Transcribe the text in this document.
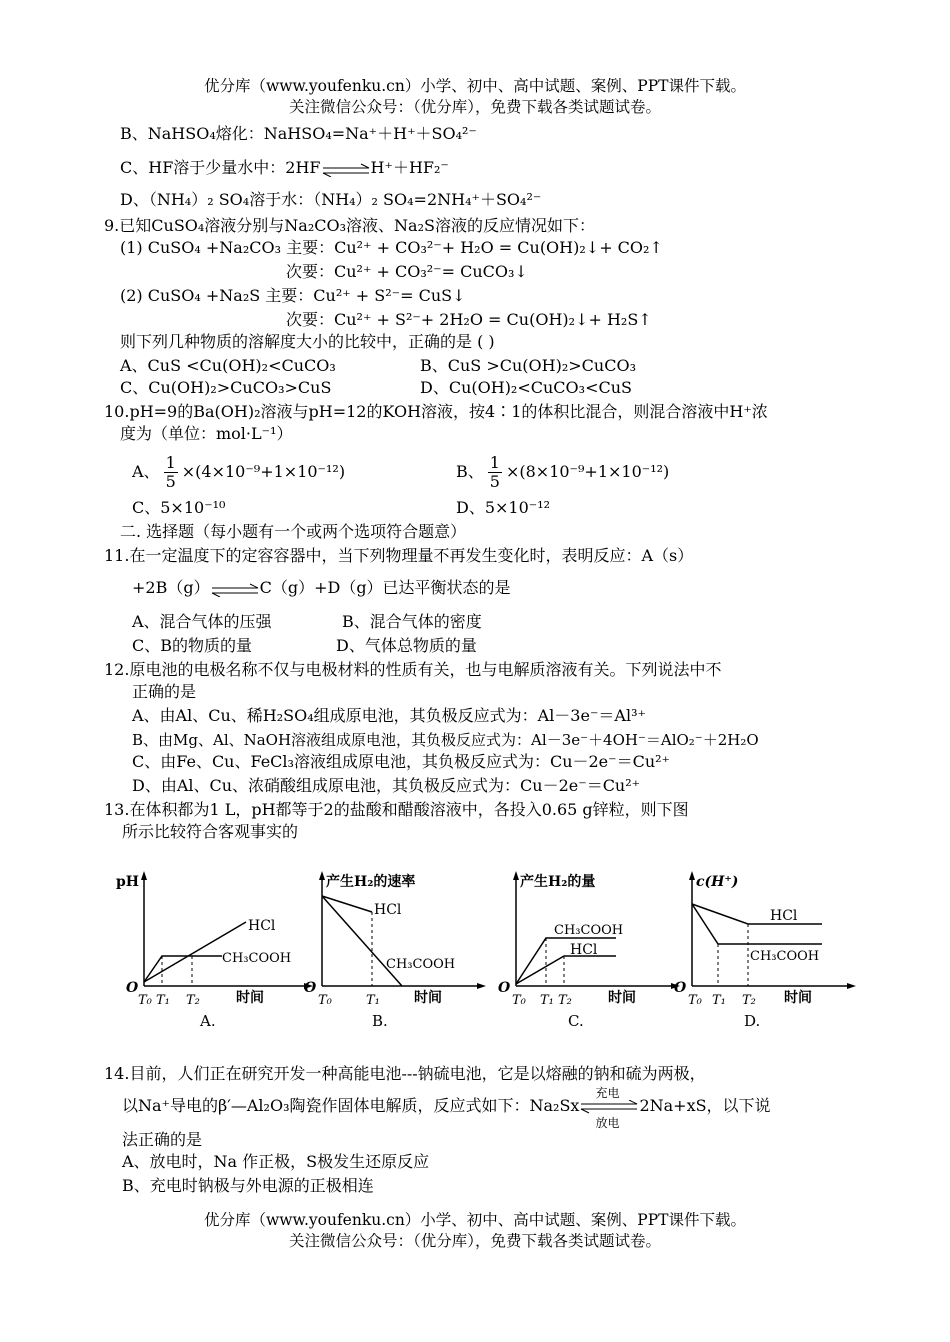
优分库（www.youfenku.cn）小学、初中、高中试题、案例、PPT课件下载。
关注微信公众号：（优分库），免费下载各类试题试卷。
B、NaHSO₄熔化：NaHSO₄=Na⁺＋H⁺＋SO₄²⁻
C、HF溶于少量水中：2HF⇌H⁺＋HF₂⁻
D、（NH₄）₂ SO₄溶于水：（NH₄）₂ SO₄=2NH₄⁺＋SO₄²⁻
9.已知CuSO₄溶液分别与Na₂CO₃溶液、Na₂S溶液的反应情况如下：
(1) CuSO₄ +Na₂CO₃ 主要：Cu²⁺ + CO₃²⁻+ H₂O = Cu(OH)₂↓+ CO₂↑
次要：Cu²⁺ + CO₃²⁻= CuCO₃↓
(2) CuSO₄ +Na₂S 主要：Cu²⁺ + S²⁻= CuS↓
次要：Cu²⁺ + S²⁻+ 2H₂O = Cu(OH)₂↓+ H₂S↑
则下列几种物质的溶解度大小的比较中，正确的是 ( )
A、CuS <Cu(OH)₂<CuCO₃	B、CuS >Cu(OH)₂>CuCO₃
C、Cu(OH)₂>CuCO₃>CuS	D、Cu(OH)₂<CuCO₃<CuS
10.pH=9的Ba(OH)₂溶液与pH=12的KOH溶液，按4∶1的体积比混合，则混合溶液中H⁺浓
度为（单位：mol·L⁻¹）
A、 $\frac{1}{5} \times(4\times 10^{-9}+1\times 10^{-12})$	B、 $\frac{1}{5} \times(8\times 10^{-9}+1\times 10^{-12})$
C、5×10⁻¹⁰	D、5×10⁻¹²
二. 选择题（每小题有一个或两个选项符合题意）
11.在一定温度下的定容容器中，当下列物理量不再发生变化时，表明反应：A（s）
+2B（g）⇌C（g）+D（g）已达平衡状态的是
A、混合气体的压强	B、混合气体的密度
C、B的物质的量	D、气体总物质的量
12.原电池的电极名称不仅与电极材料的性质有关，也与电解质溶液有关。下列说法中不
正确的是
A、由Al、Cu、稀H₂SO₄组成原电池，其负极反应式为：Al－3e⁻＝Al³⁺
B、由Mg、Al、NaOH溶液组成原电池，其负极反应式为：Al－3e⁻＋4OH⁻＝AlO₂⁻＋2H₂O
C、由Fe、Cu、FeCl₃溶液组成原电池，其负极反应式为：Cu－2e⁻＝Cu²⁺
D、由Al、Cu、浓硝酸组成原电池，其负极反应式为：Cu－2e⁻＝Cu²⁺
13.在体积都为1 L，pH都等于2的盐酸和醋酸溶液中，各投入0.65 g锌粒，则下图
所示比较符合客观事实的
pH
O
T₀ T₁ T₂	时间
HCl
CH₃COOH
A.
产生H₂的速率
O
T₀	T₁ 时间
HCl
CH₃COOH
B.
产生H₂的量
O
T₀ T₁ T₂	时间
CH₃COOH
HCl
C.
c(H⁺)
O
T₀ T₁ T₂ 时间
HCl
CH₃COOH
D.
14.目前，人们正在研究开发一种高能电池---钠硫电池，它是以熔融的钠和硫为两极，
以Na⁺导电的β′—Al₂O₃陶瓷作固体电解质，反应式如下：Na₂Sx
充电
放电
2Na+xS，以下说
法正确的是
A、放电时，Na 作正极，S极发生还原反应
B、充电时钠极与外电源的正极相连
优分库（www.youfenku.cn）小学、初中、高中试题、案例、PPT课件下载。
关注微信公众号：（优分库），免费下载各类试题试卷。
